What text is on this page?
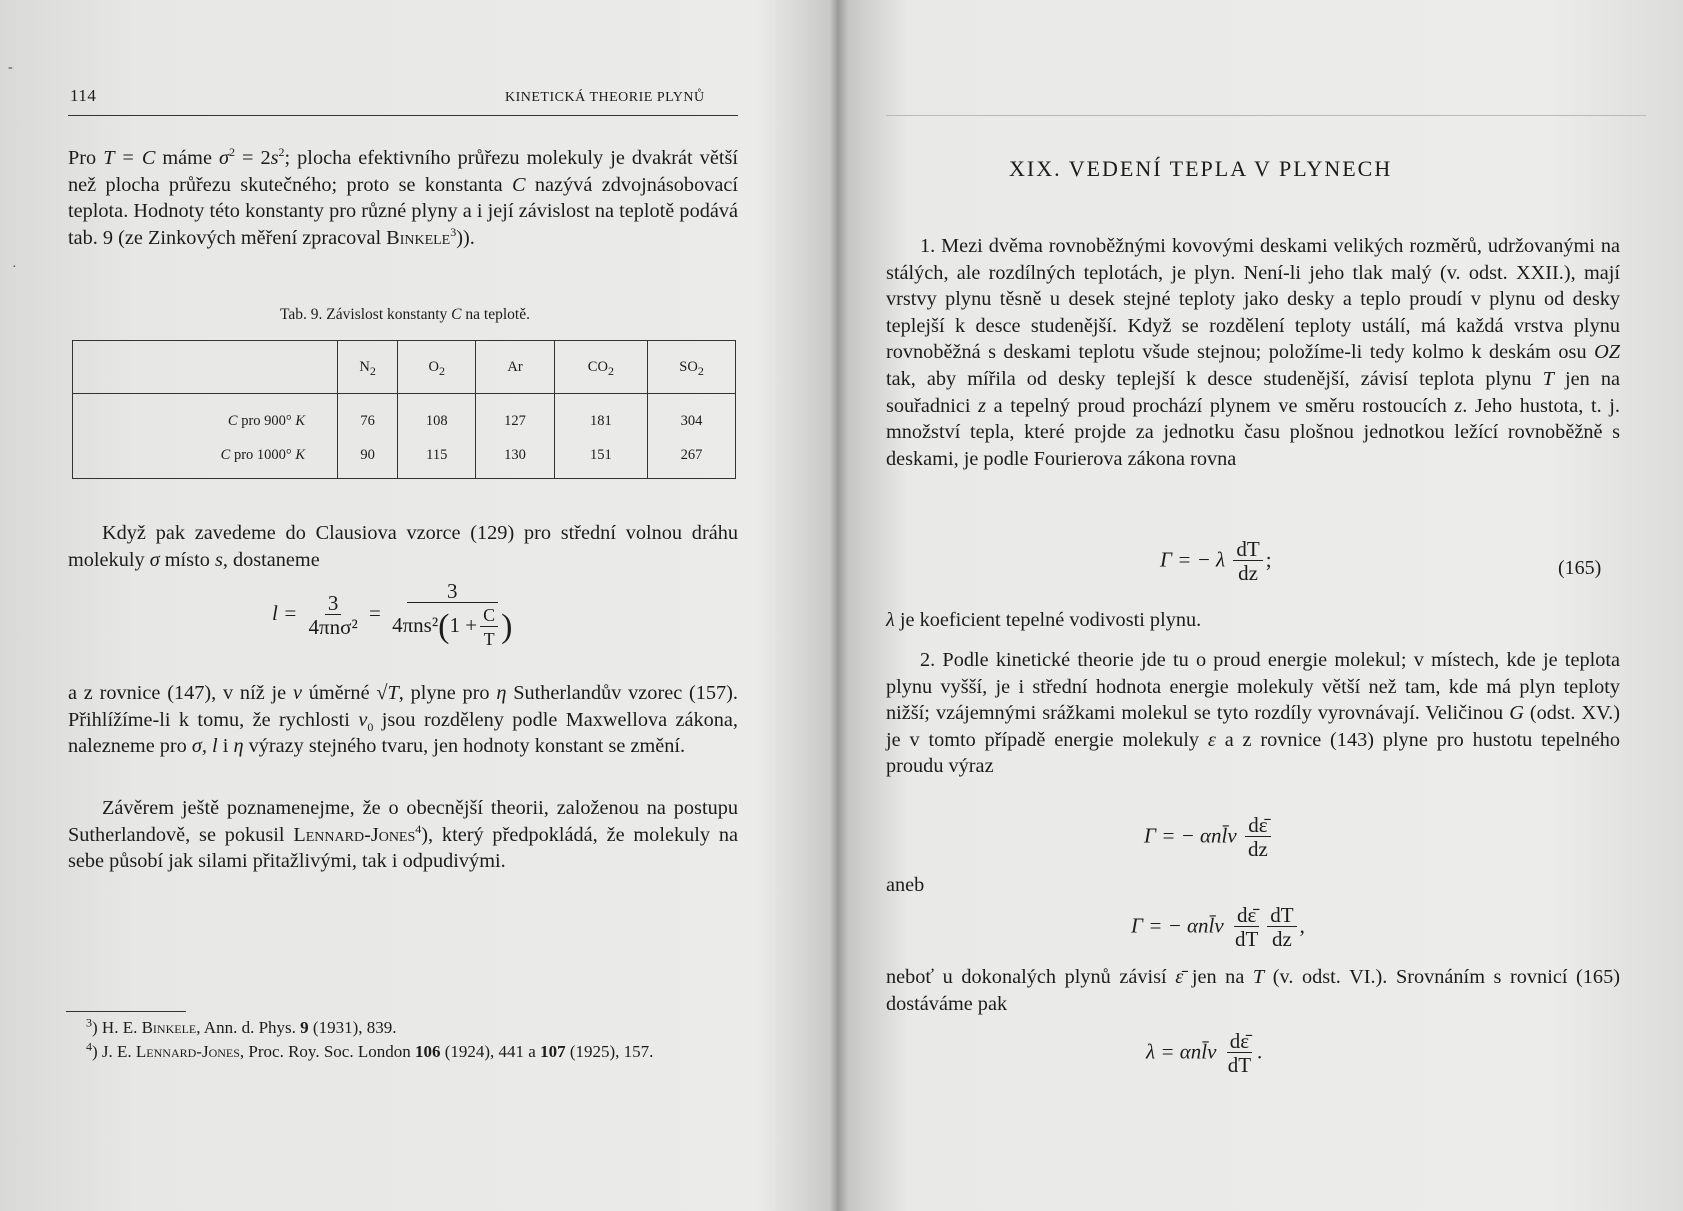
114	KINETICKÁ THEORIE PLYNŮ

Pro T = C máme $\sigma^2 = 2s^2$; plocha efektivního průřezu molekuly je dvakrát větší než plocha průřezu skutečného; proto se konstanta C nazývá zdvojnásobovací teplota. Hodnoty této konstanty pro různé plyny a i její závislost na teplotě podává tab. 9 (ze Zinkových měření zpracoval Binkele$^3$)).

Tab. 9. Závislost konstanty C na teplotě.
	$N_2$	$O_2$	Ar	$CO_2$	$SO_2$
C pro 900° K	76	108	127	181	304
C pro 1000° K	90	115	130	151	267

Když pak zavedeme do Clausiova vzorce (129) pro střední volnou dráhu molekuly σ místo s, dostaneme

$l = \frac{3}{\text{4πnσ²}} = \frac{3}{4\pi ns^2(1 + \frac{C}{T} )}$

a z rovnice (147), v níž je v úměrné √T, plyne pro η Sutherlandův vzorec (157). Přihlížíme-li k tomu, že rychlosti $v_0$ jsou rozděleny podle Maxwellova zákona, nalezneme pro σ, l i η výrazy stejného tvaru, jen hodnoty konstant se změní.

Závěrem ještě poznamenejme, že o obecnější theorii, založenou na postupu Sutherlandově, se pokusil Lennard-Jones$^4$), který předpokládá, že molekuly na sebe působí jak silami přitažlivými, tak i odpudivými.

$^3$) H. E. Binkele, Ann. d. Phys. 9 (1931), 839.

$^4$) J. E. Lennard-Jones, Proc. Roy. Soc. London 106 (1924), 441 a 107 (1925), 157.

XIX. VEDENÍ TEPLA V PLYNECH

1. Mezi dvěma rovnoběžnými kovovými deskami velikých rozměrů, udržovanými na stálých, ale rozdílných teplotách, je plyn. Není-li jeho tlak malý (v. odst. XXII.), mají vrstvy plynu těsně u desek stejné teploty jako desky a teplo proudí v plynu od desky teplejší k desce studenější. Když se rozdělení teploty ustálí, má každá vrstva plynu rovnoběžná s deskami teplotu všude stejnou; položíme-li tedy kolmo k deskám osu OZ tak, aby mířila od desky teplejší k desce studenější, závisí teplota plynu T jen na souřadnici z a tepelný proud prochází plynem ve směru rostoucích z. Jeho hustota, t. j. množství tepla, které projde za jednotku času plošnou jednotkou ležící rovnoběžně s deskami, je podle Fourierova zákona rovna

Γ = − λ $\frac{dT}{dz}$ ;	(165)

λ je koeficient tepelné vodivosti plynu.

2. Podle kinetické theorie jde tu o proud energie molekul; v místech, kde je teplota plynu vyšší, je i střední hodnota energie molekuly větší než tam, kde má plyn teploty nižší; vzájemnými srážkami molekul se tyto rozdíly vyrovnávají. Veličinou G (odst. XV.) je v tomto případě energie molekuly ε a z rovnice (143) plyne pro hustotu tepelného proudu výraz

Γ = − αnl̄v $\frac{d\varepsilon̄}{dz}$

aneb

Γ = − αnl̄v $\frac{d\varepsilon̄}{dT} \frac{dT}{dz}$ ,

neboť u dokonalých plynů závisí ε̄ jen na T (v. odst. VI.). Srovnáním s rovnicí (165) dostáváme pak

λ = αnl̄v $\frac{d\varepsilon̄}{dT}$ .
-
·
